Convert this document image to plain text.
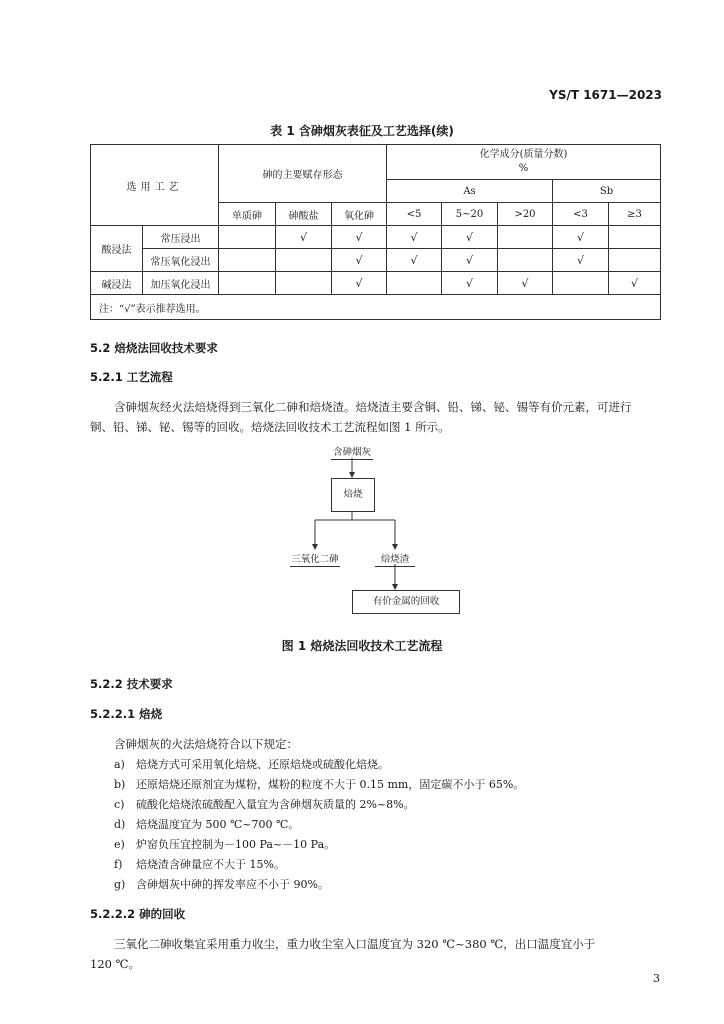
YS/T 1671—2023
表 1 含砷烟灰表征及工艺选择(续)
选用工艺		砷的主要赋存形态			化学成分(质量分数)
%				

					As			Sb	
		单质砷	砷酸盐	氧化砷	<5	5~20	>20	<3	≥3
酸浸法	常压浸出		√	√	√	√		√	
	常压氧化浸出			√	√	√		√	
碱浸法	加压氧化浸出			√		√	√		√
注：“√”表示推荐选用。									
5.2 焙烧法回收技术要求
5.2.1 工艺流程
含砷烟灰经火法焙烧得到三氧化二砷和焙烧渣。焙烧渣主要含铜、铅、锑、铋、锡等有价元素，可进行
铜、铅、锑、铋、锡等的回收。焙烧法回收技术工艺流程如图 1 所示。
含砷烟灰
焙烧
三氧化二砷	焙烧渣
有价金属的回收
图 1 焙烧法回收技术工艺流程
5.2.2 技术要求
5.2.2.1 焙烧
含砷烟灰的火法焙烧符合以下规定：
a) 焙烧方式可采用氧化焙烧、还原焙烧或硫酸化焙烧。
b) 还原焙烧还原剂宜为煤粉，煤粉的粒度不大于 0.15 mm，固定碳不小于 65%。
c) 硫酸化焙烧浓硫酸配入量宜为含砷烟灰质量的 2%~8%。
d) 焙烧温度宜为 500 ℃~700 ℃。
e) 炉窑负压宜控制为－100 Pa~－10 Pa。
f) 焙烧渣含砷量应不大于 15%。
g) 含砷烟灰中砷的挥发率应不小于 90%。
5.2.2.2 砷的回收
三氧化二砷收集宜采用重力收尘，重力收尘室入口温度宜为 320 ℃~380 ℃，出口温度宜小于
120 ℃。
3
